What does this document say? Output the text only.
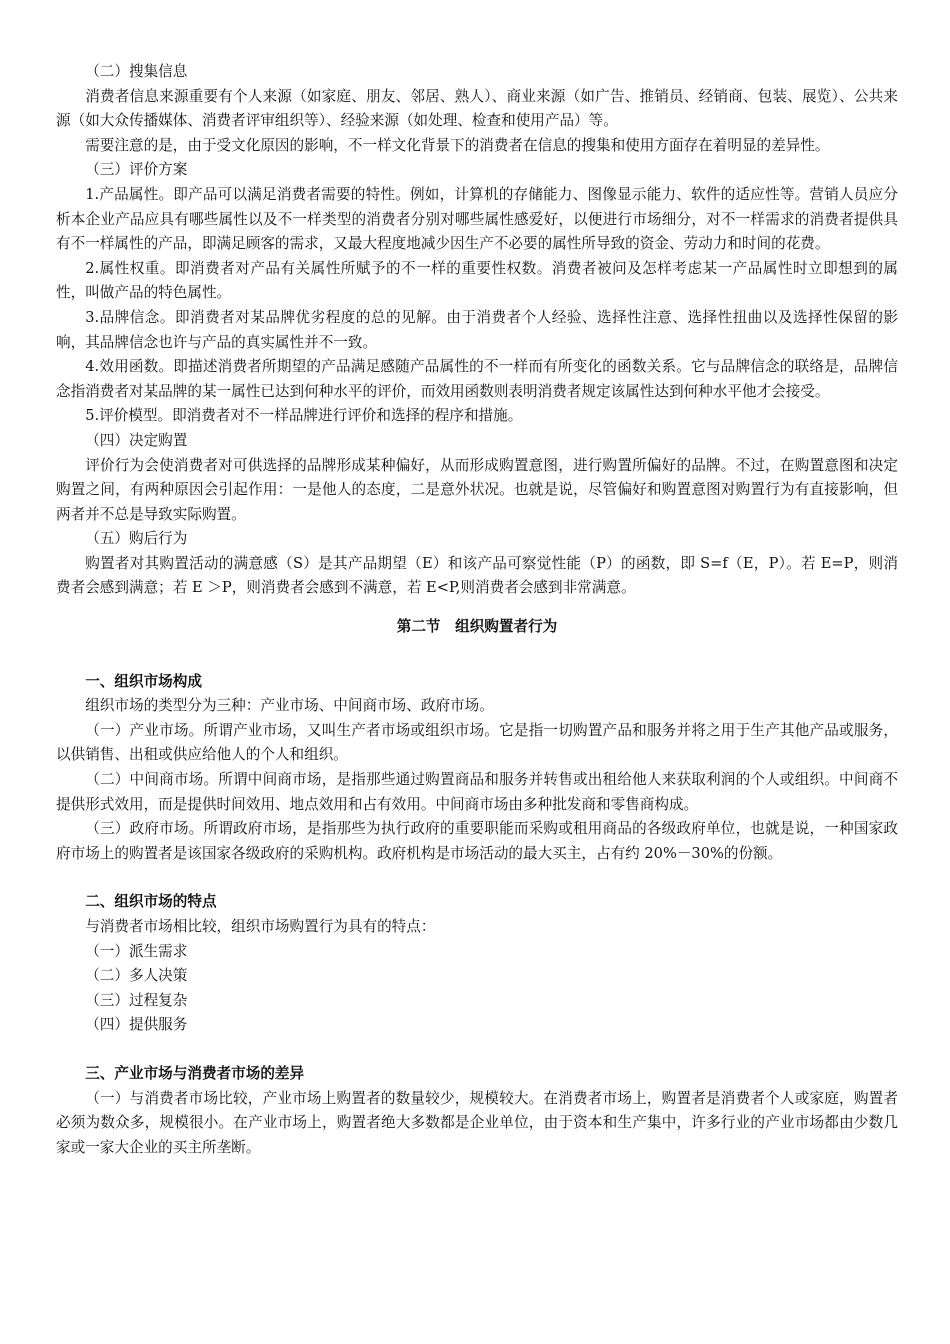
（二）搜集信息

消费者信息来源重要有个人来源（如家庭、朋友、邻居、熟人）、商业来源（如广告、推销员、经销商、包装、展览）、公共来源（如大众传播媒体、消费者评审组织等）、经验来源（如处理、检查和使用产品）等。

需要注意的是，由于受文化原因的影响，不一样文化背景下的消费者在信息的搜集和使用方面存在着明显的差异性。

（三）评价方案

1.产品属性。即产品可以满足消费者需要的特性。例如，计算机的存储能力、图像显示能力、软件的适应性等。营销人员应分析本企业产品应具有哪些属性以及不一样类型的消费者分别对哪些属性感爱好，以便进行市场细分，对不一样需求的消费者提供具有不一样属性的产品，即满足顾客的需求，又最大程度地减少因生产不必要的属性所导致的资金、劳动力和时间的花费。

2.属性权重。即消费者对产品有关属性所赋予的不一样的重要性权数。消费者被问及怎样考虑某一产品属性时立即想到的属性，叫做产品的特色属性。

3.品牌信念。即消费者对某品牌优劣程度的总的见解。由于消费者个人经验、选择性注意、选择性扭曲以及选择性保留的影响，其品牌信念也许与产品的真实属性并不一致。

4.效用函数。即描述消费者所期望的产品满足感随产品属性的不一样而有所变化的函数关系。它与品牌信念的联络是，品牌信念指消费者对某品牌的某一属性已达到何种水平的评价，而效用函数则表明消费者规定该属性达到何种水平他才会接受。

5.评价模型。即消费者对不一样品牌进行评价和选择的程序和措施。

（四）决定购置

评价行为会使消费者对可供选择的品牌形成某种偏好，从而形成购置意图，进行购置所偏好的品牌。不过，在购置意图和决定购置之间，有两种原因会引起作用：一是他人的态度，二是意外状况。也就是说，尽管偏好和购置意图对购置行为有直接影响，但两者并不总是导致实际购置。

（五）购后行为

购置者对其购置活动的满意感（S）是其产品期望（E）和该产品可察觉性能（P）的函数，即 S=f（E，P）。若 E=P，则消费者会感到满意；若 E ＞P，则消费者会感到不满意，若 E<P,则消费者会感到非常满意。

第二节　组织购置者行为

一、组织市场构成

组织市场的类型分为三种：产业市场、中间商市场、政府市场。

（一）产业市场。所谓产业市场，又叫生产者市场或组织市场。它是指一切购置产品和服务并将之用于生产其他产品或服务，以供销售、出租或供应给他人的个人和组织。

（二）中间商市场。所谓中间商市场，是指那些通过购置商品和服务并转售或出租给他人来获取利润的个人或组织。中间商不提供形式效用，而是提供时间效用、地点效用和占有效用。中间商市场由多种批发商和零售商构成。

（三）政府市场。所谓政府市场，是指那些为执行政府的重要职能而采购或租用商品的各级政府单位，也就是说，一种国家政府市场上的购置者是该国家各级政府的采购机构。政府机构是市场活动的最大买主，占有约 20%－30%的份额。

二、组织市场的特点

与消费者市场相比较，组织市场购置行为具有的特点：

（一）派生需求

（二）多人决策

（三）过程复杂

（四）提供服务

三、产业市场与消费者市场的差异

（一）与消费者市场比较，产业市场上购置者的数量较少，规模较大。在消费者市场上，购置者是消费者个人或家庭，购置者必须为数众多，规模很小。在产业市场上，购置者绝大多数都是企业单位，由于资本和生产集中，许多行业的产业市场都由少数几家或一家大企业的买主所垄断。
